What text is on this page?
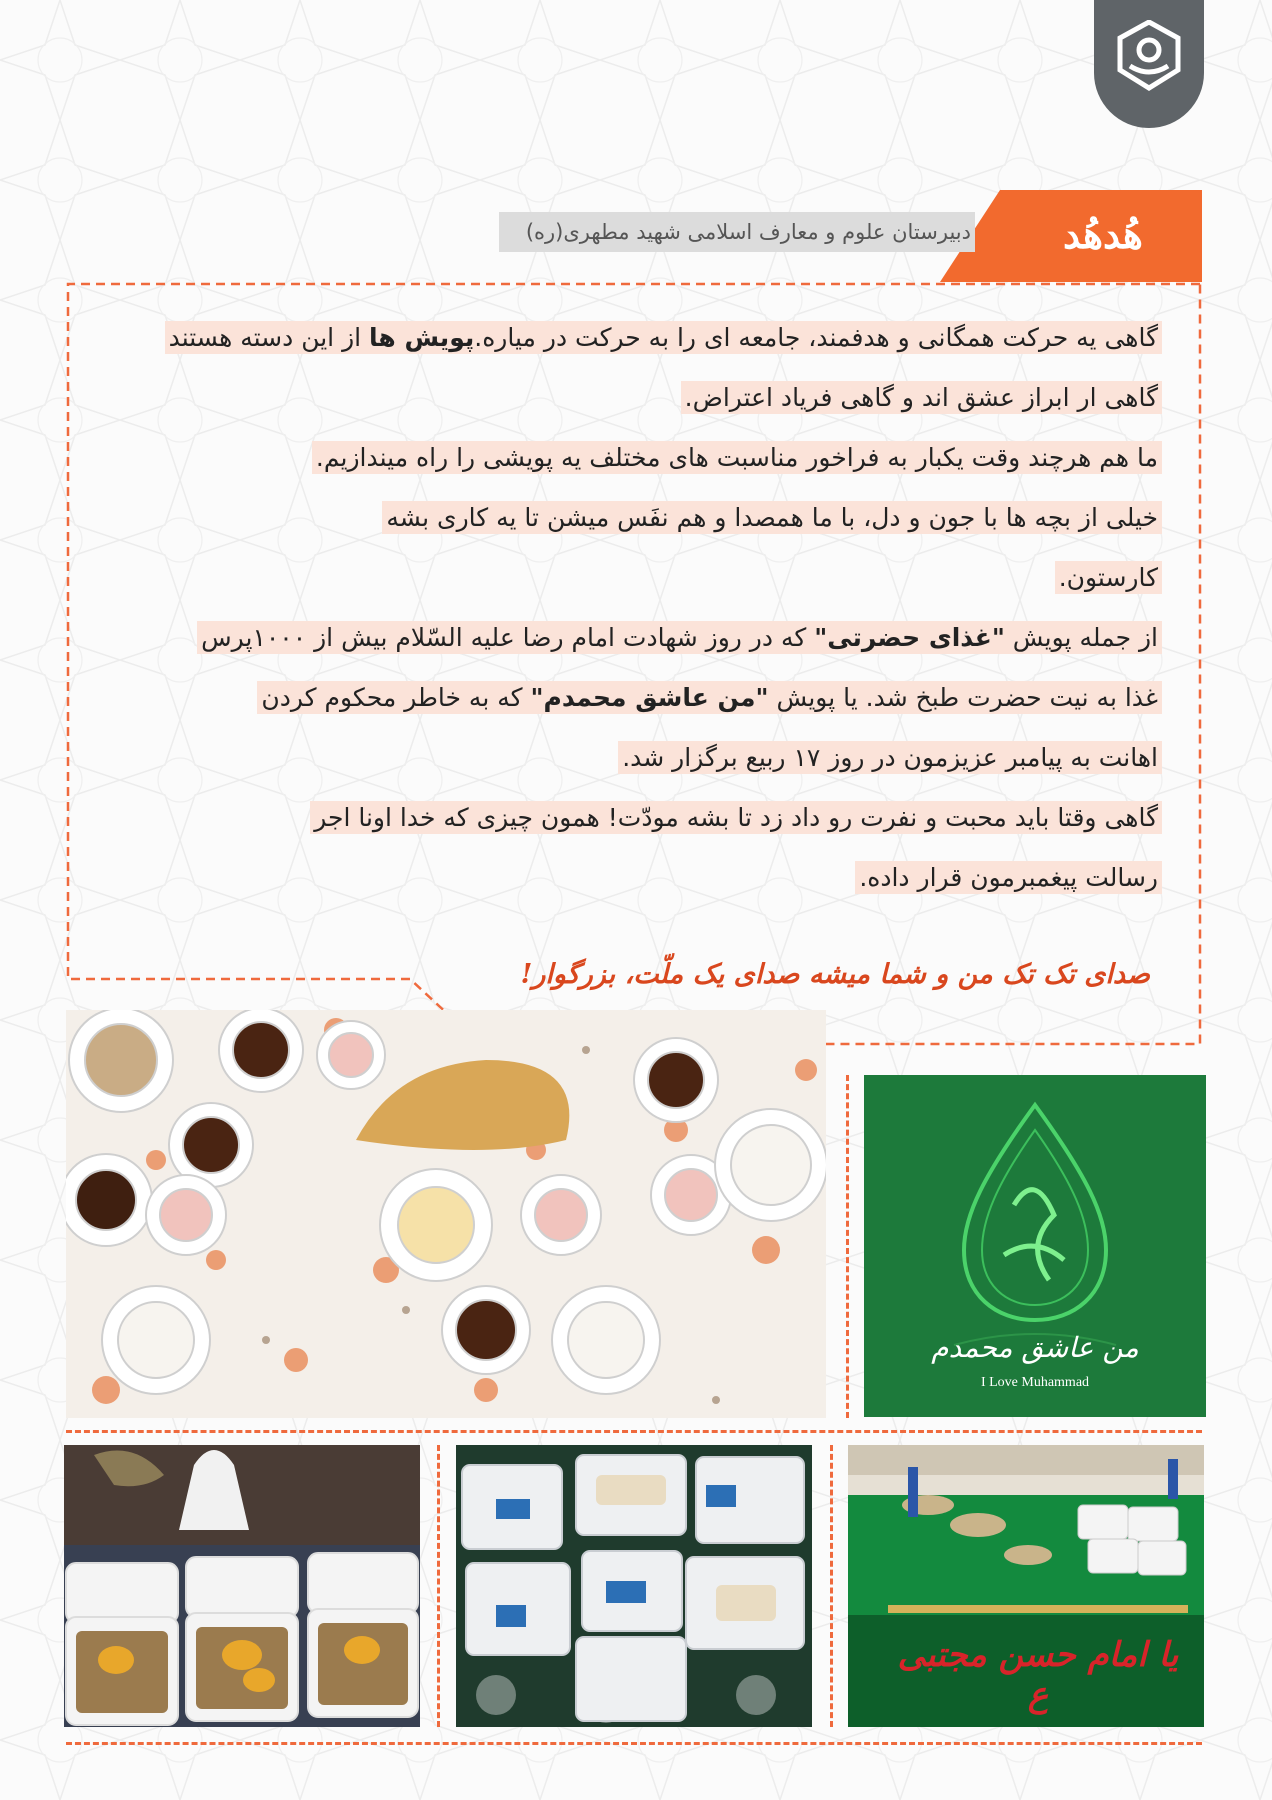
دبیرستان علوم و معارف اسلامی شهید مطهری(ره)	هُدهُد
گاهی یه حرکت همگانی و هدفمند، جامعه ای را به حرکت در میاره.پویش ها از این دسته هستند
گاهی ار ابراز عشق اند و گاهی فریاد اعتراض.
ما هم هرچند وقت یکبار به فراخور مناسبت های مختلف یه پویشی را راه میندازیم.
خیلی از بچه ها با جون و دل، با ما همصدا و هم نفَس میشن تا یه کاری بشه
کارستون.
از جمله پویش "غذای حضرتی" که در روز شهادت امام رضا علیه السّلام بیش از ۱۰۰۰پرس
غذا به نیت حضرت طبخ شد. یا پویش "من عاشق محمدم" که به خاطر محکوم کردن
اهانت به پیامبر عزیزمون در روز ۱۷ ربیع برگزار شد.
گاهی وقتا باید محبت و نفرت رو داد زد تا بشه مودّت! همون چیزی که خدا اونا اجر
رسالت پیغمبرمون قرار داده.
صدای تک تک من و شما میشه صدای یک ملّت، بزرگوار!
من عاشق محمدم
I Love Muhammad
یا امام حسن مجتبی ع
